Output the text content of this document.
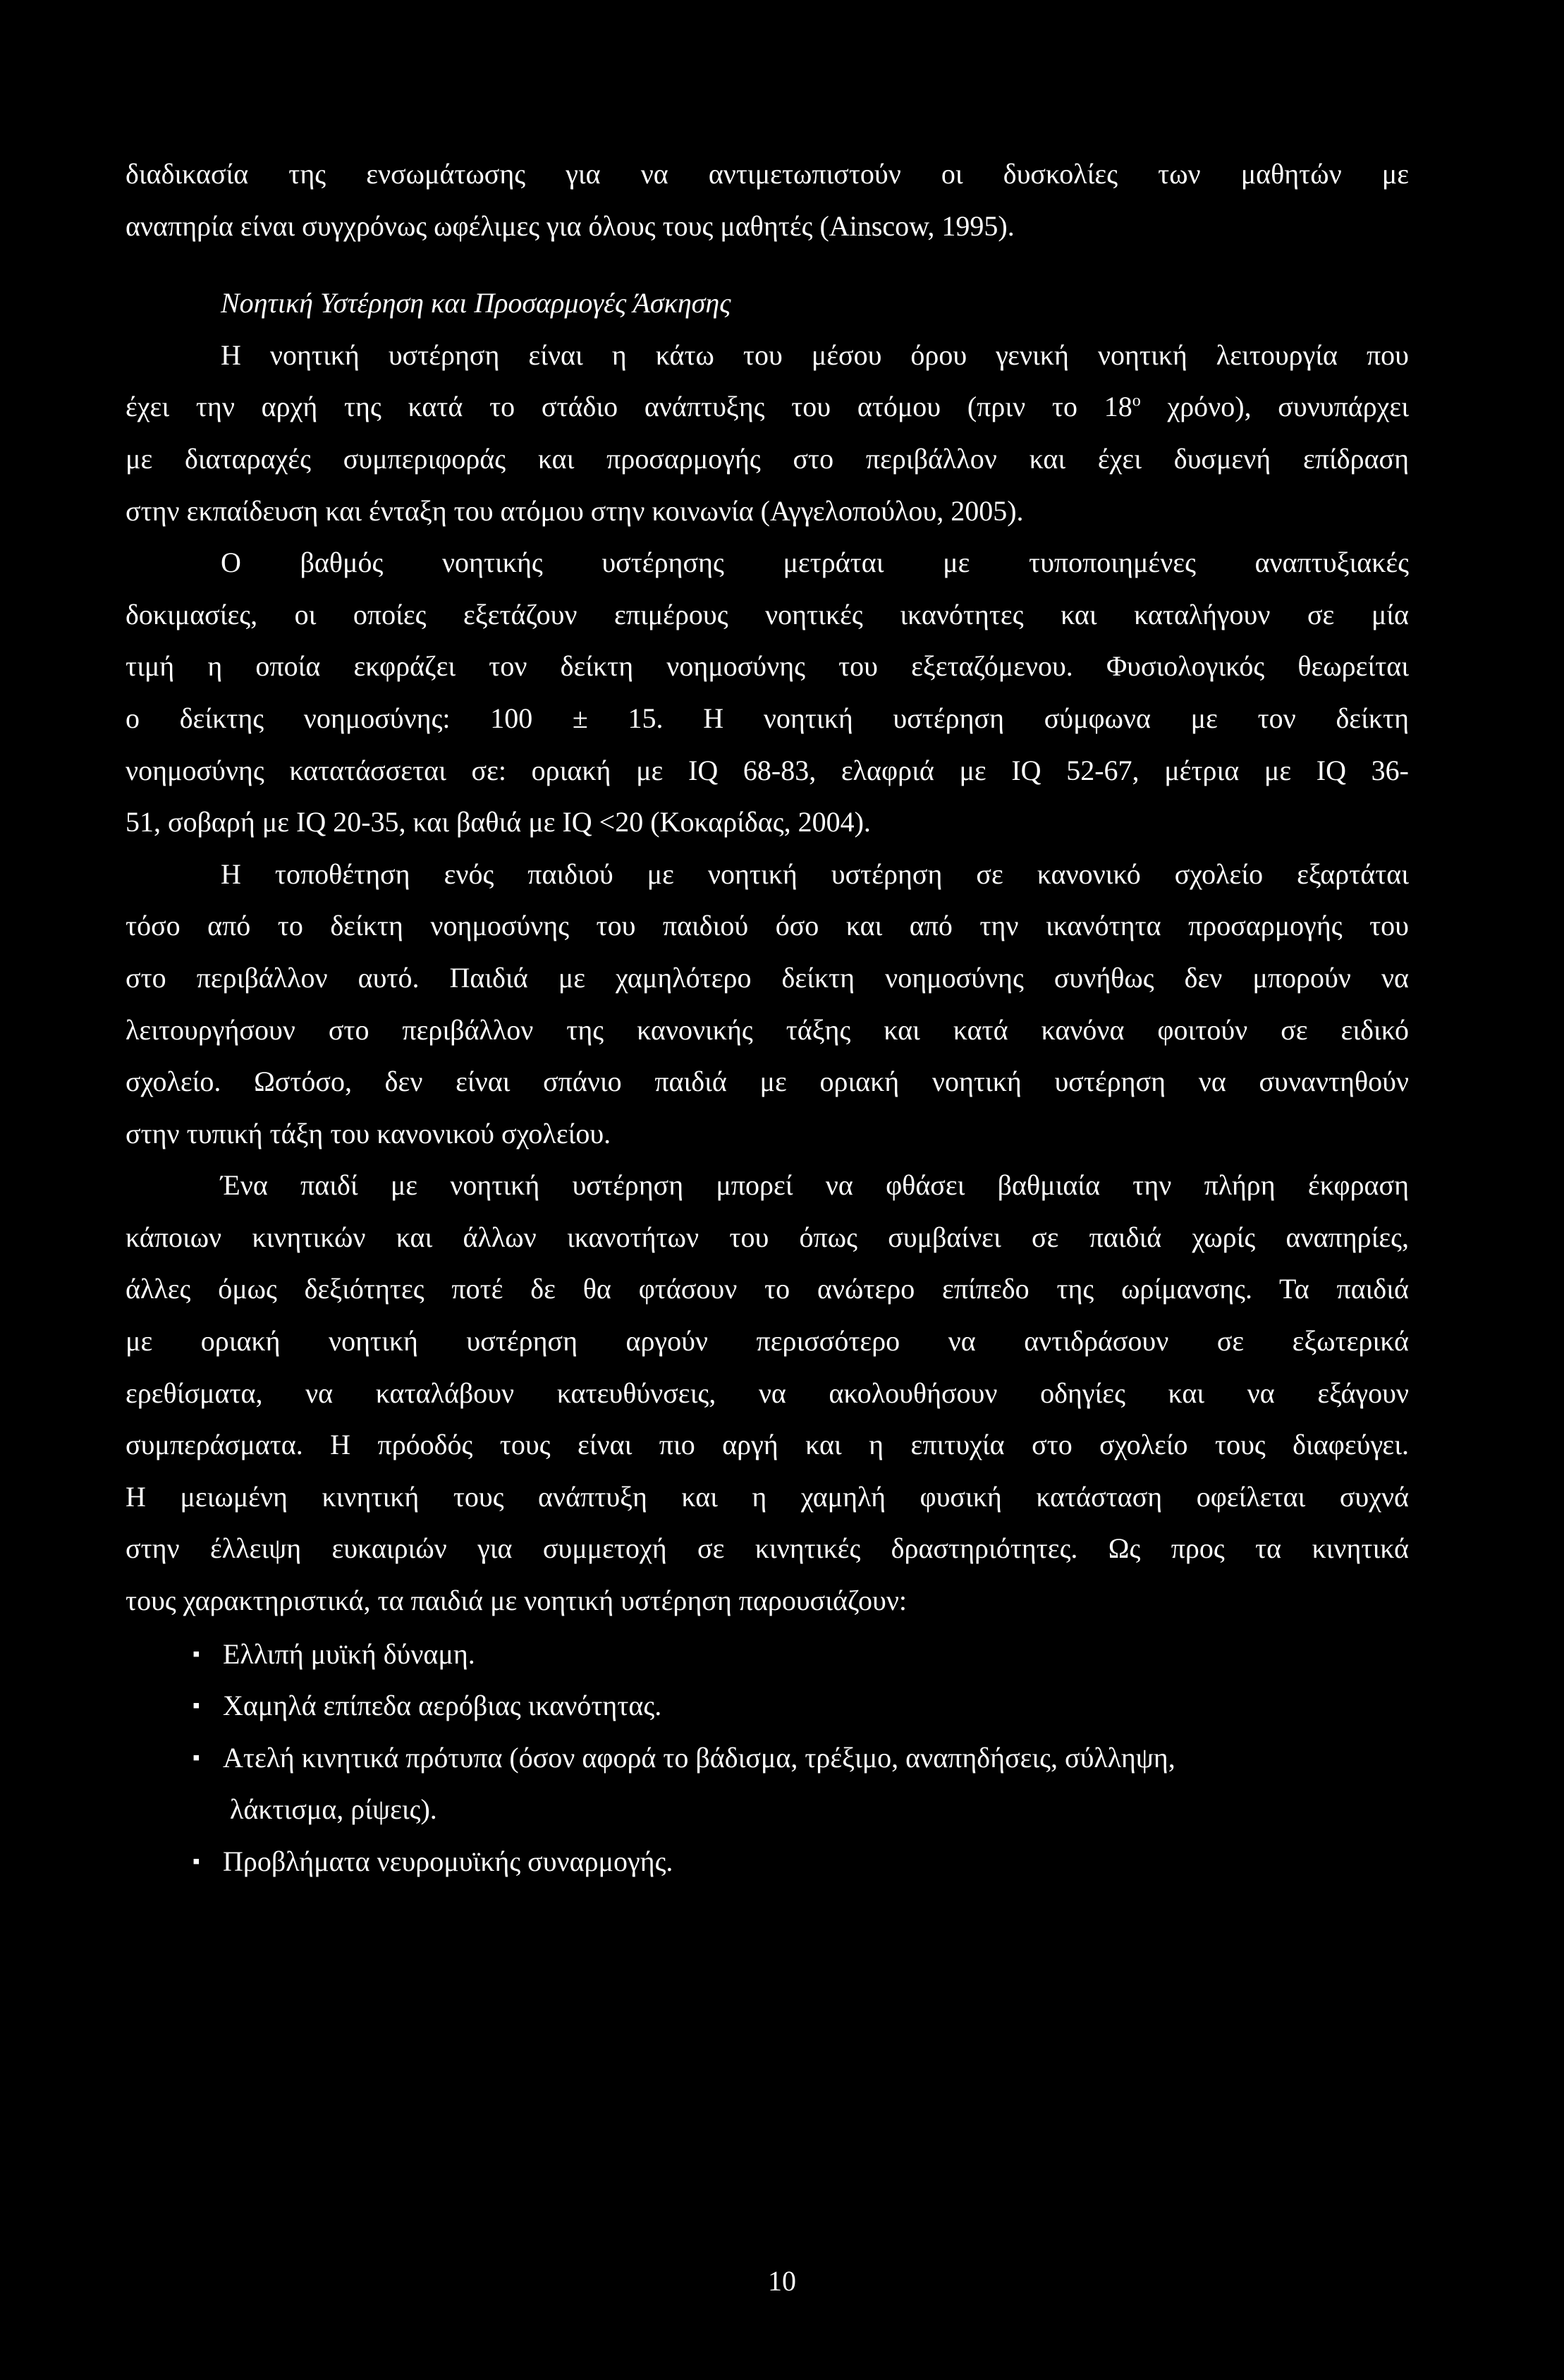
διαδικασία της ενσωμάτωσης για να αντιμετωπιστούν οι δυσκολίες των μαθητών με

αναπηρία είναι συγχρόνως ωφέλιμες για όλους τους μαθητές (Ainscow, 1995).

Νοητική Υστέρηση και Προσαρμογές Άσκησης

Η νοητική υστέρηση είναι η κάτω του μέσου όρου γενική νοητική λειτουργία που

έχει την αρχή της κατά το στάδιο ανάπτυξης του ατόμου (πριν το $18^o$ χρόνο), συνυπάρχει

με διαταραχές συμπεριφοράς και προσαρμογής στο περιβάλλον και έχει δυσμενή επίδραση

στην εκπαίδευση και ένταξη του ατόμου στην κοινωνία (Αγγελοπούλου, 2005).

Ο βαθμός νοητικής υστέρησης μετράται με τυποποιημένες αναπτυξιακές

δοκιμασίες, οι οποίες εξετάζουν επιμέρους νοητικές ικανότητες και καταλήγουν σε μία

τιμή η οποία εκφράζει τον δείκτη νοημοσύνης του εξεταζόμενου. Φυσιολογικός θεωρείται

ο δείκτης νοημοσύνης: 100 ± 15. Η νοητική υστέρηση σύμφωνα με τον δείκτη

νοημοσύνης κατατάσσεται σε: οριακή με IQ 68-83, ελαφριά με IQ 52-67, μέτρια με IQ 36-

51, σοβαρή με IQ 20-35, και βαθιά με IQ <20 (Κοκαρίδας, 2004).

Η τοποθέτηση ενός παιδιού με νοητική υστέρηση σε κανονικό σχολείο εξαρτάται

τόσο από το δείκτη νοημοσύνης του παιδιού όσο και από την ικανότητα προσαρμογής του

στο περιβάλλον αυτό. Παιδιά με χαμηλότερο δείκτη νοημοσύνης συνήθως δεν μπορούν να

λειτουργήσουν στο περιβάλλον της κανονικής τάξης και κατά κανόνα φοιτούν σε ειδικό

σχολείο. Ωστόσο, δεν είναι σπάνιο παιδιά με οριακή νοητική υστέρηση να συναντηθούν

στην τυπική τάξη του κανονικού σχολείου.

Ένα παιδί με νοητική υστέρηση μπορεί να φθάσει βαθμιαία την πλήρη έκφραση

κάποιων κινητικών και άλλων ικανοτήτων του όπως συμβαίνει σε παιδιά χωρίς αναπηρίες,

άλλες όμως δεξιότητες ποτέ δε θα φτάσουν το ανώτερο επίπεδο της ωρίμανσης. Τα παιδιά

με οριακή νοητική υστέρηση αργούν περισσότερο να αντιδράσουν σε εξωτερικά

ερεθίσματα, να καταλάβουν κατευθύνσεις, να ακολουθήσουν οδηγίες και να εξάγουν

συμπεράσματα. Η πρόοδός τους είναι πιο αργή και η επιτυχία στο σχολείο τους διαφεύγει.

Η μειωμένη κινητική τους ανάπτυξη και η χαμηλή φυσική κατάσταση οφείλεται συχνά

στην έλλειψη ευκαιριών για συμμετοχή σε κινητικές δραστηριότητες. Ως προς τα κινητικά

τους χαρακτηριστικά, τα παιδιά με νοητική υστέρηση παρουσιάζουν:

▪ Ελλιπή μυϊκή δύναμη.
▪ Χαμηλά επίπεδα αερόβιας ικανότητας.
▪ Ατελή κινητικά πρότυπα (όσον αφορά το βάδισμα, τρέξιμο, αναπηδήσεις, σύλληψη,
λάκτισμα, ρίψεις).
▪ Προβλήματα νευρομυϊκής συναρμογής.
10
